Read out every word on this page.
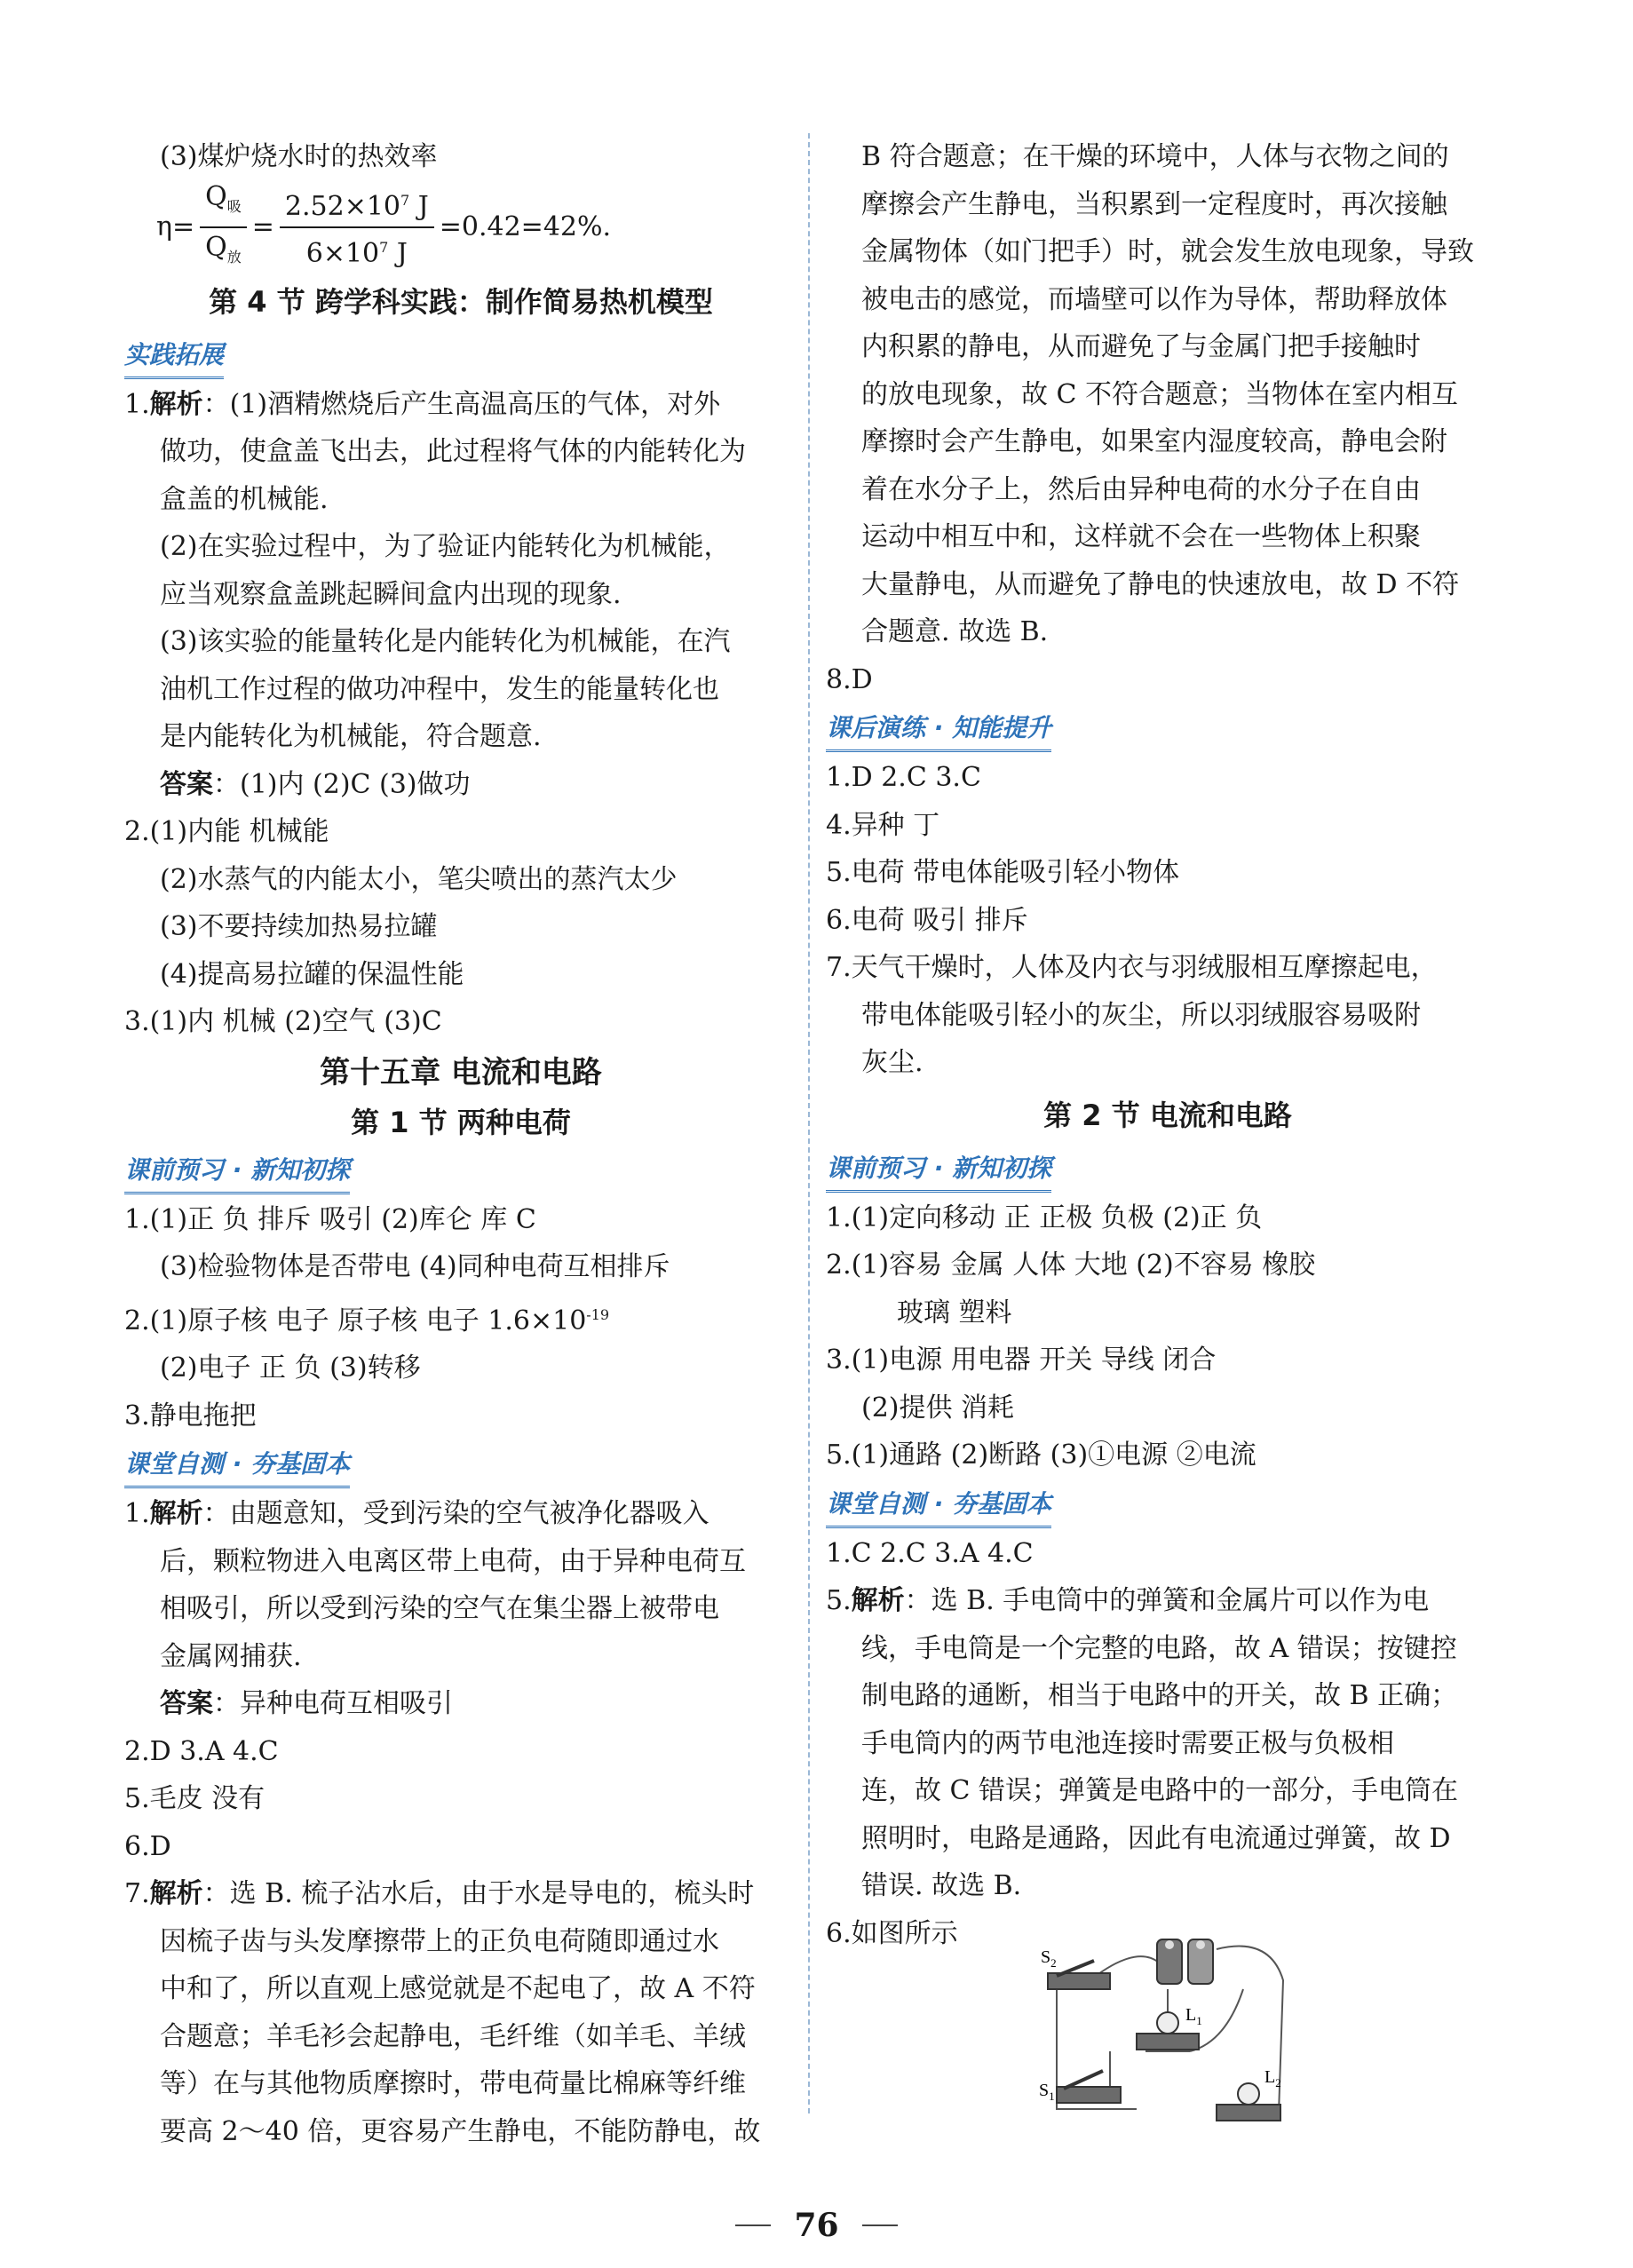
(3)煤炉烧水时的热效率
$\eta= \frac{Q_吸}{Q_放} = \frac{2.52\times 10^7 J}{6\times 10^7 J} =0.42=42\%$.
第 4 节 跨学科实践：制作简易热机模型
实践拓展
1.解析：(1)酒精燃烧后产生高温高压的气体，对外
做功，使盒盖飞出去，此过程将气体的内能转化为
盒盖的机械能.
(2)在实验过程中，为了验证内能转化为机械能，
应当观察盒盖跳起瞬间盒内出现的现象.
(3)该实验的能量转化是内能转化为机械能，在汽
油机工作过程的做功冲程中，发生的能量转化也
是内能转化为机械能，符合题意.
答案：(1)内 (2)C (3)做功
2.(1)内能 机械能
(2)水蒸气的内能太小，笔尖喷出的蒸汽太少
(3)不要持续加热易拉罐
(4)提高易拉罐的保温性能
3.(1)内 机械 (2)空气 (3)C
第十五章 电流和电路
第 1 节 两种电荷
课前预习 · 新知初探
1.(1)正 负 排斥 吸引 (2)库仑 库 C
(3)检验物体是否带电 (4)同种电荷互相排斥
2.(1)原子核 电子 原子核 电子 $1.6\times 10^{-19}$
(2)电子 正 负 (3)转移
3.静电拖把
课堂自测 · 夯基固本
1.解析：由题意知，受到污染的空气被净化器吸入
后，颗粒物进入电离区带上电荷，由于异种电荷互
相吸引，所以受到污染的空气在集尘器上被带电
金属网捕获.
答案：异种电荷互相吸引
2.D 3.A 4.C
5.毛皮 没有
6.D
7.解析：选 B. 梳子沾水后，由于水是导电的，梳头时
因梳子齿与头发摩擦带上的正负电荷随即通过水
中和了，所以直观上感觉就是不起电了，故 A 不符
合题意；羊毛衫会起静电，毛纤维（如羊毛、羊绒
等）在与其他物质摩擦时，带电荷量比棉麻等纤维
要高 2～40 倍，更容易产生静电，不能防静电，故
B 符合题意；在干燥的环境中，人体与衣物之间的
摩擦会产生静电，当积累到一定程度时，再次接触
金属物体（如门把手）时，就会发生放电现象，导致
被电击的感觉，而墙壁可以作为导体，帮助释放体
内积累的静电，从而避免了与金属门把手接触时
的放电现象，故 C 不符合题意；当物体在室内相互
摩擦时会产生静电，如果室内湿度较高，静电会附
着在水分子上，然后由异种电荷的水分子在自由
运动中相互中和，这样就不会在一些物体上积聚
大量静电，从而避免了静电的快速放电，故 D 不符
合题意. 故选 B.
8.D
课后演练 · 知能提升
1.D 2.C 3.C
4.异种 丁
5.电荷 带电体能吸引轻小物体
6.电荷 吸引 排斥
7.天气干燥时，人体及内衣与羽绒服相互摩擦起电，
带电体能吸引轻小的灰尘，所以羽绒服容易吸附
灰尘.
第 2 节 电流和电路
课前预习 · 新知初探
1.(1)定向移动 正 正极 负极 (2)正 负
2.(1)容易 金属 人体 大地 (2)不容易 橡胶
玻璃 塑料
3.(1)电源 用电器 开关 导线 闭合
(2)提供 消耗
5.(1)通路 (2)断路 (3)①电源 ②电流
课堂自测 · 夯基固本
1.C 2.C 3.A 4.C
5.解析：选 B. 手电筒中的弹簧和金属片可以作为电
线，手电筒是一个完整的电路，故 A 错误；按键控
制电路的通断，相当于电路中的开关，故 B 正确；
手电筒内的两节电池连接时需要正极与负极相
连，故 C 错误；弹簧是电路中的一部分，手电筒在
照明时，电路是通路，因此有电流通过弹簧，故 D
错误. 故选 B.
6.如图所示
$S_2$
$S_1$
$L_1$
$L_2$
76
